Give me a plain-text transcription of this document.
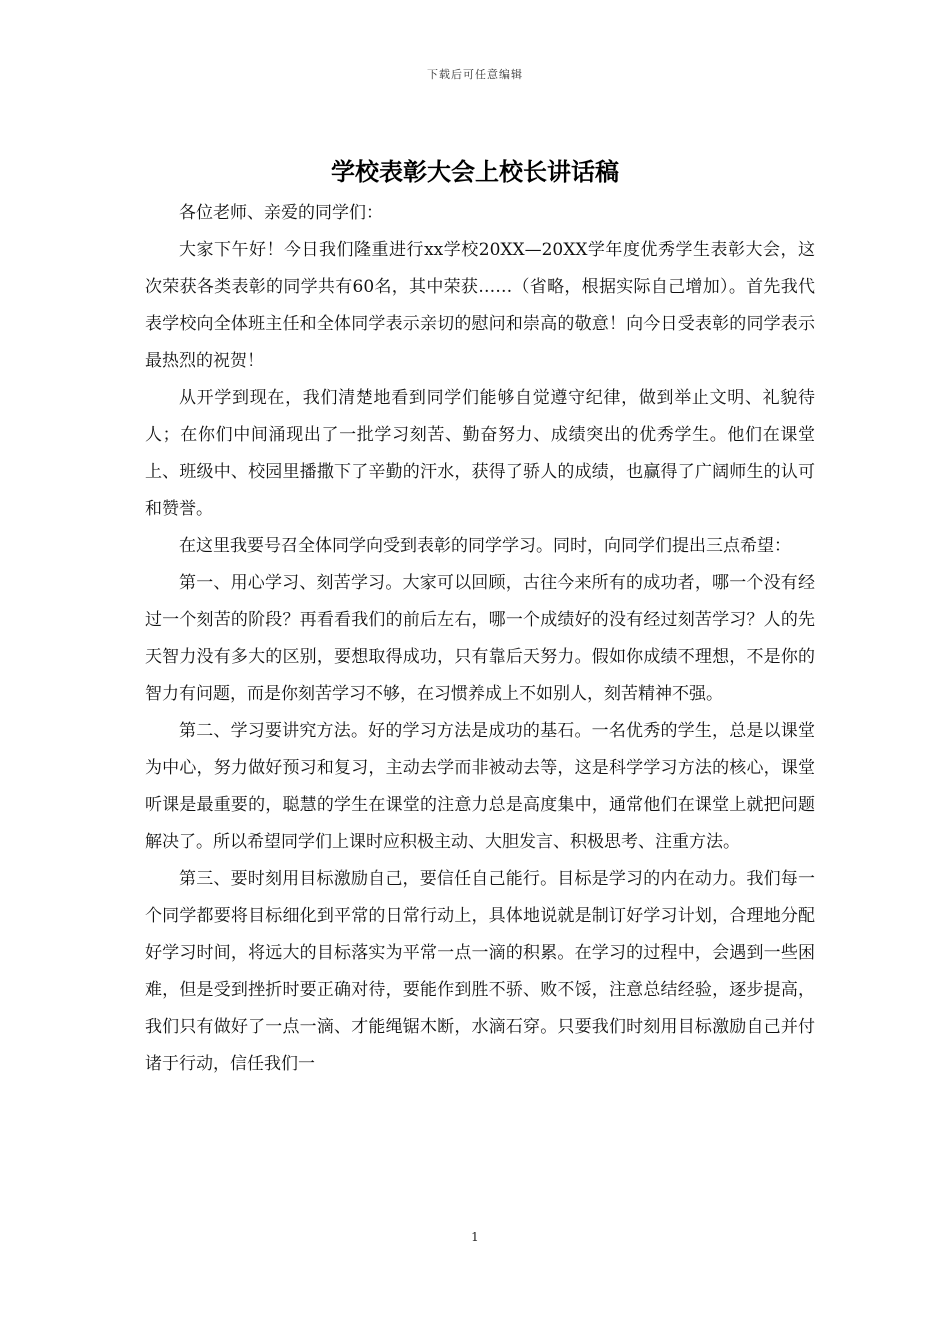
下载后可任意编辑
学校表彰大会上校长讲话稿

各位老师、亲爱的同学们：

大家下午好！今日我们隆重进行xx学校20XX—20XX学年度优秀学生表彰大会，这次荣获各类表彰的同学共有60名，其中荣获……（省略，根据实际自己增加）。首先我代表学校向全体班主任和全体同学表示亲切的慰问和崇高的敬意！向今日受表彰的同学表示最热烈的祝贺！

从开学到现在，我们清楚地看到同学们能够自觉遵守纪律，做到举止文明、礼貌待人；在你们中间涌现出了一批学习刻苦、勤奋努力、成绩突出的优秀学生。他们在课堂上、班级中、校园里播撒下了辛勤的汗水，获得了骄人的成绩，也赢得了广阔师生的认可和赞誉。

在这里我要号召全体同学向受到表彰的同学学习。同时，向同学们提出三点希望：

第一、用心学习、刻苦学习。大家可以回顾，古往今来所有的成功者，哪一个没有经过一个刻苦的阶段？再看看我们的前后左右，哪一个成绩好的没有经过刻苦学习？人的先天智力没有多大的区别，要想取得成功，只有靠后天努力。假如你成绩不理想，不是你的智力有问题，而是你刻苦学习不够，在习惯养成上不如别人，刻苦精神不强。

第二、学习要讲究方法。好的学习方法是成功的基石。一名优秀的学生，总是以课堂为中心，努力做好预习和复习，主动去学而非被动去等，这是科学学习方法的核心，课堂听课是最重要的，聪慧的学生在课堂的注意力总是高度集中，通常他们在课堂上就把问题解决了。所以希望同学们上课时应积极主动、大胆发言、积极思考、注重方法。

第三、要时刻用目标激励自己，要信任自己能行。目标是学习的内在动力。我们每一个同学都要将目标细化到平常的日常行动上，具体地说就是制订好学习计划，合理地分配好学习时间，将远大的目标落实为平常一点一滴的积累。在学习的过程中，会遇到一些困难，但是受到挫折时要正确对待，要能作到胜不骄、败不馁，注意总结经验，逐步提高，我们只有做好了一点一滴、才能绳锯木断，水滴石穿。只要我们时刻用目标激励自己并付诸于行动，信任我们一

1
